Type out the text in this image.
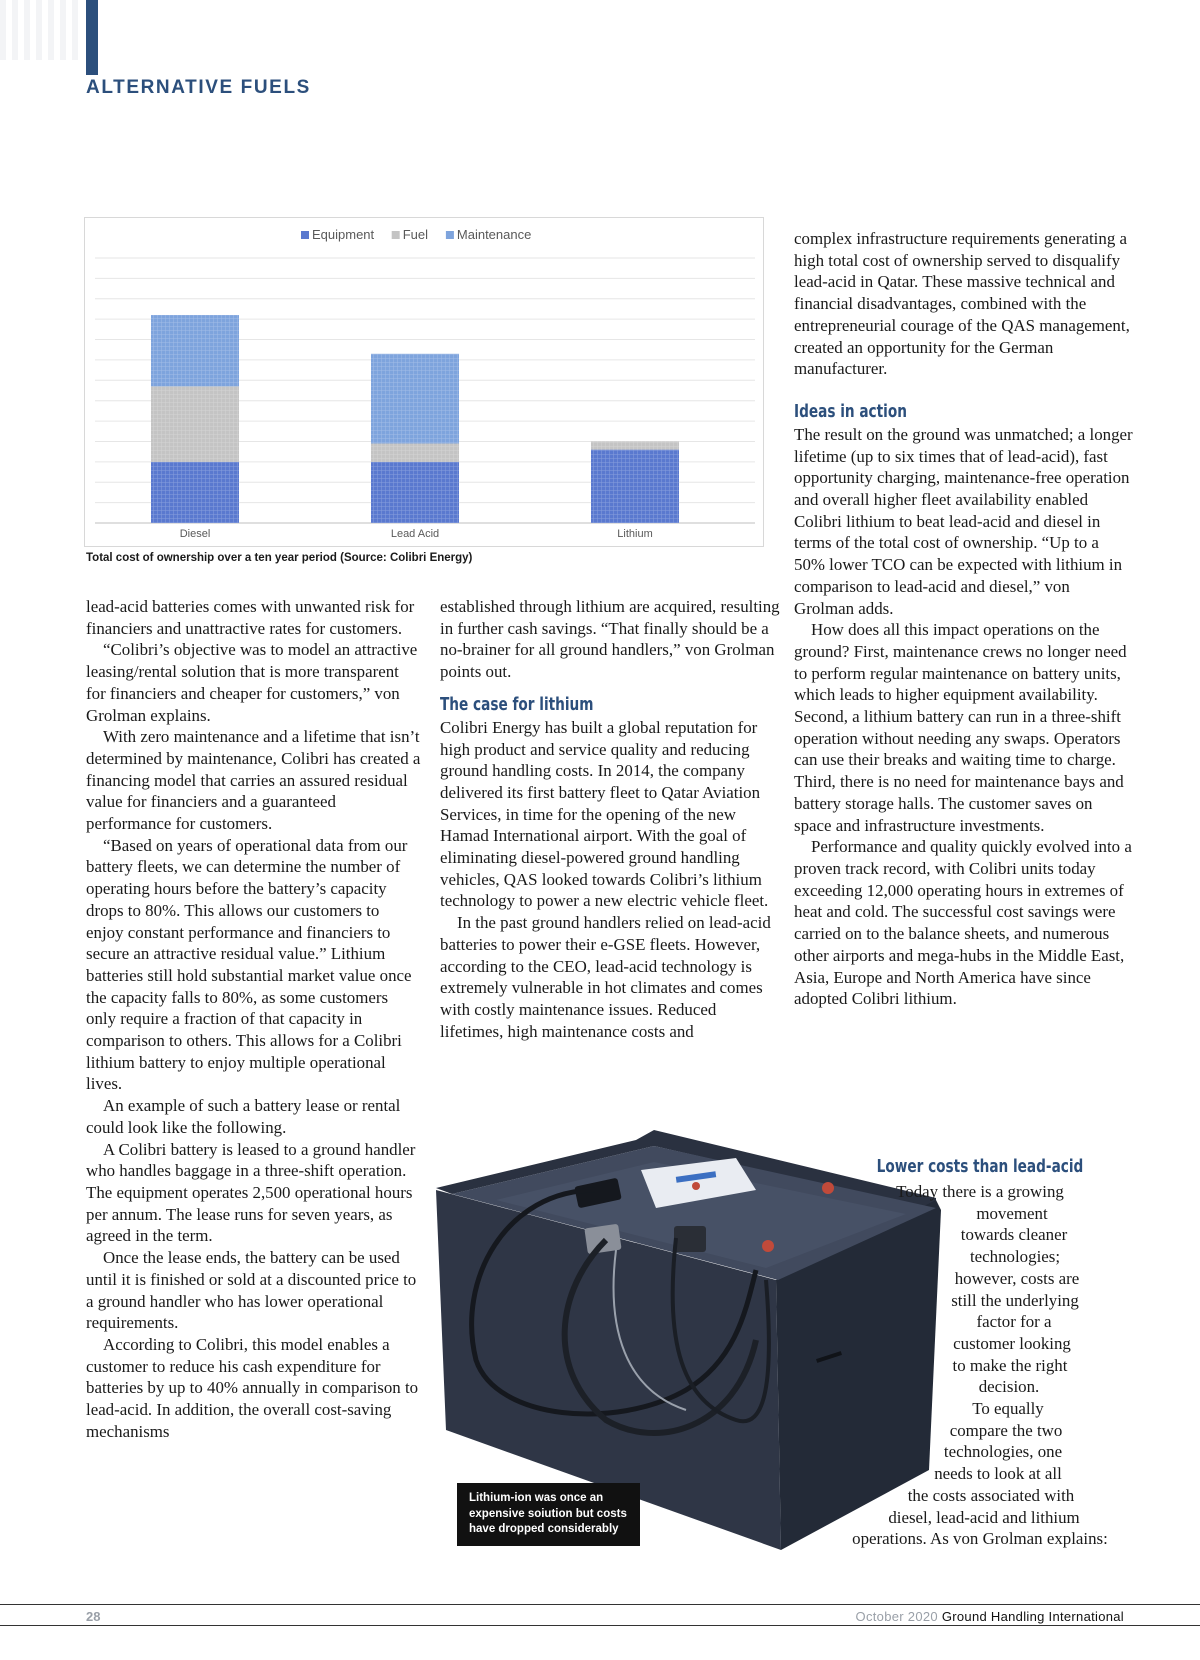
ALTERNATIVE FUELS
Equipment Fuel Maintenance
Diesel	Lead Acid	Lithium
Total cost of ownership over a ten year period (Source: Colibri Energy)

lead-acid batteries comes with unwanted risk for financiers and unattractive rates for customers.

“Colibri’s objective was to model an attractive leasing/rental solution that is more transparent for financiers and cheaper for customers,” von Grolman explains.

With zero maintenance and a lifetime that isn’t determined by maintenance, Colibri has created a financing model that carries an assured residual value for financiers and a guaranteed performance for customers.

“Based on years of operational data from our battery fleets, we can determine the number of operating hours before the battery’s capacity drops to 80%. This allows our customers to enjoy constant performance and financiers to secure an attractive residual value.” Lithium batteries still hold substantial market value once the capacity falls to 80%, as some customers only require a fraction of that capacity in comparison to others. This allows for a Colibri lithium battery to enjoy multiple operational lives.

An example of such a battery lease or rental could look like the following.

A Colibri battery is leased to a ground handler who handles baggage in a three-shift operation. The equipment operates 2,500 operational hours per annum. The lease runs for seven years, as agreed in the term.

Once the lease ends, the battery can be used until it is finished or sold at a discounted price to a ground handler who has lower operational requirements.

According to Colibri, this model enables a customer to reduce his cash expenditure for batteries by up to 40% annually in comparison to lead-acid. In addition, the overall cost-saving mechanisms

established through lithium are acquired, resulting in further cash savings. “That finally should be a no-brainer for all ground handlers,” von Grolman points out.

The case for lithium

Colibri Energy has built a global reputation for high product and service quality and reducing ground handling costs. In 2014, the company delivered its first battery fleet to Qatar Aviation Services, in time for the opening of the new Hamad International airport. With the goal of eliminating diesel-powered ground handling vehicles, QAS looked towards Colibri’s lithium technology to power a new electric vehicle fleet.

In the past ground handlers relied on lead-acid batteries to power their e-GSE fleets. However, according to the CEO, lead-acid technology is extremely vulnerable in hot climates and comes with costly maintenance issues. Reduced lifetimes, high maintenance costs and

complex infrastructure requirements generating a high total cost of ownership served to disqualify lead-acid in Qatar. These massive technical and financial disadvantages, combined with the entrepreneurial courage of the QAS management, created an opportunity for the German manufacturer.

Ideas in action

The result on the ground was unmatched; a longer lifetime (up to six times that of lead-acid), fast opportunity charging, maintenance-free operation and overall higher fleet availability enabled Colibri lithium to beat lead-acid and diesel in terms of the total cost of ownership. “Up to a 50% lower TCO can be expected with lithium in comparison to lead-acid and diesel,” von Grolman adds.

How does all this impact operations on the ground? First, maintenance crews no longer need to perform regular maintenance on battery units, which leads to higher equipment availability. Second, a lithium battery can run in a three-shift operation without needing any swaps. Operators can use their breaks and waiting time to charge. Third, there is no need for maintenance bays and battery storage halls. The customer saves on space and infrastructure investments.

Performance and quality quickly evolved into a proven track record, with Colibri units today exceeding 12,000 operating hours in extremes of heat and cold. The successful cost savings were carried on to the balance sheets, and numerous other airports and mega-hubs in the Middle East, Asia, Europe and North America have since adopted Colibri lithium.

Lithium-ion was once an expensive soiution but costs have dropped considerably
Lower costs than lead-acid
Today there is a growing
movement
towards cleaner
technologies;
however, costs are
still the underlying
factor for a
customer looking
to make the right
decision.
To equally
compare the two
technologies, one
needs to look at all
the costs associated with
diesel, lead-acid and lithium
operations. As von Grolman explains:
28	October 2020 Ground Handling International
